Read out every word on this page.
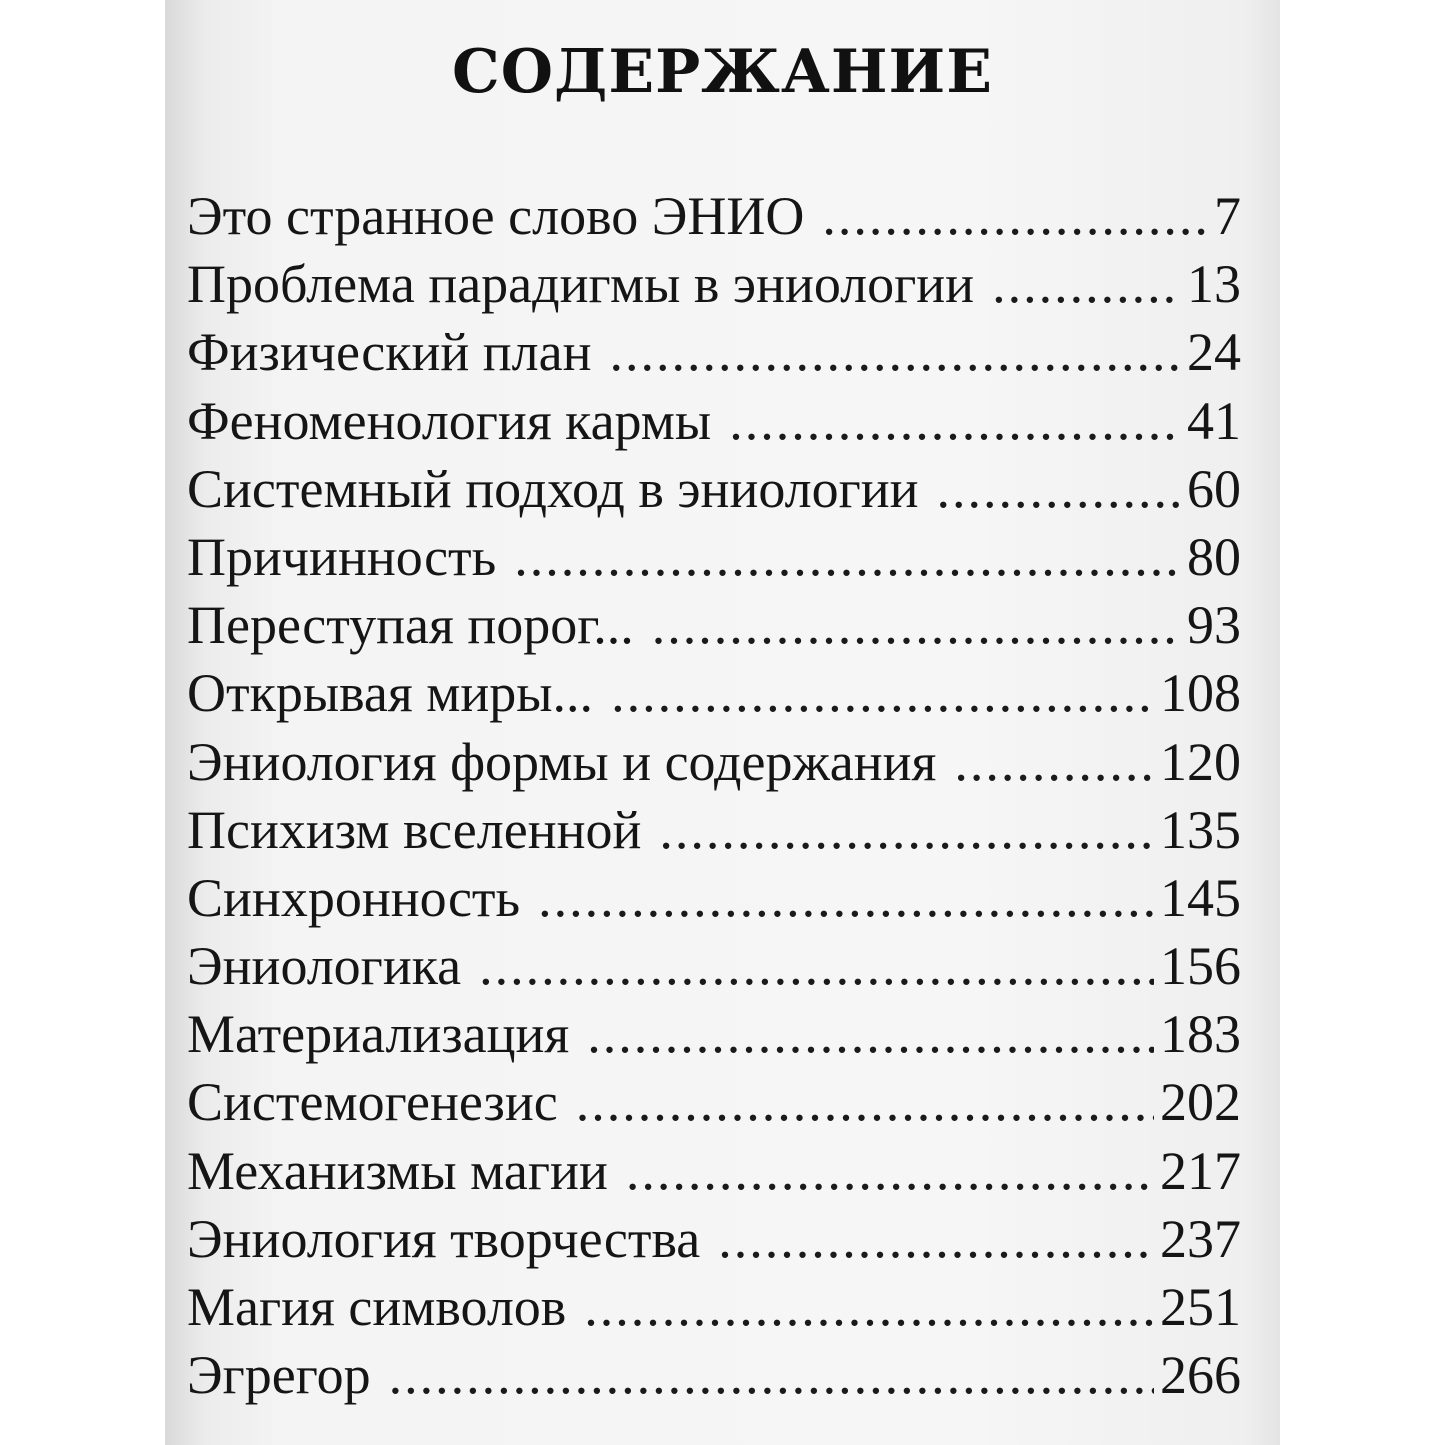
СОДЕРЖАНИЕ
Это странное слово ЭНИО .....	7
Проблема парадигмы в эниологии .....	13
Физический план .....	24
Феноменология кармы .....	41
Системный подход в эниологии .....	60
Причинность .....	80
Переступая порог... .....	93
Открывая миры... .....	108
Эниология формы и содержания .....	120
Психизм вселенной .....	135
Синхронность .....	145
Эниологика .....	156
Материализация .....	183
Системогенезис .....	202
Механизмы магии .....	217
Эниология творчества .....	237
Магия символов .....	251
Эгрегор .....	266
